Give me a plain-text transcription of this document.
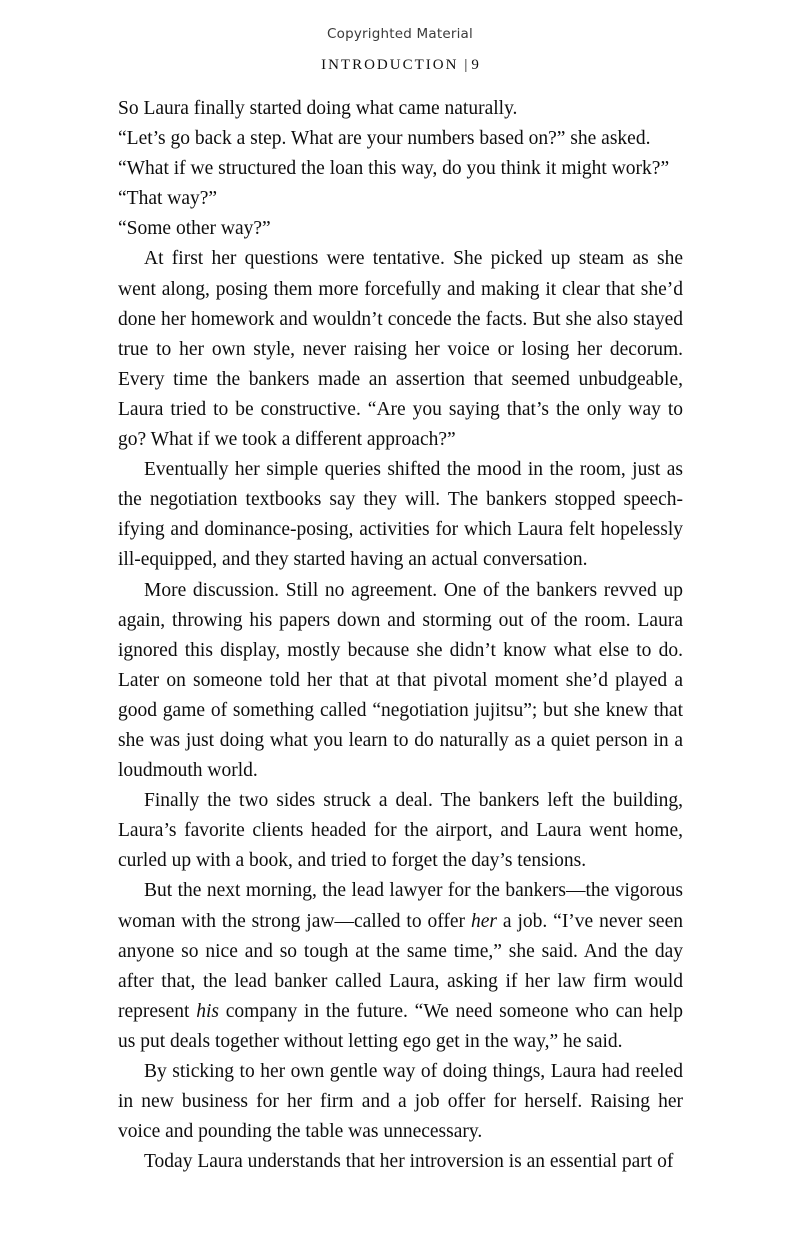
Copyrighted Material
INTRODUCTION | 9

So Laura finally started doing what came naturally.

“Let’s go back a step. What are your numbers based on?” she asked.

“What if we structured the loan this way, do you think it might work?”

“That way?”

“Some other way?”

At first her questions were tentative. She picked up steam as she went along, posing them more forcefully and making it clear that she’d done her homework and wouldn’t concede the facts. But she also stayed true to her own style, never raising her voice or losing her decorum. Every time the bankers made an assertion that seemed unbudgeable, Laura tried to be constructive. “Are you saying that’s the only way to go? What if we took a different approach?”

Eventually her simple queries shifted the mood in the room, just as the negotiation textbooks say they will. The bankers stopped speech-ifying and dominance-posing, activities for which Laura felt hopelessly ill-equipped, and they started having an actual conversation.

More discussion. Still no agreement. One of the bankers revved up again, throwing his papers down and storming out of the room. Laura ignored this display, mostly because she didn’t know what else to do. Later on someone told her that at that pivotal moment she’d played a good game of something called “negotiation jujitsu”; but she knew that she was just doing what you learn to do naturally as a quiet person in a loudmouth world.

Finally the two sides struck a deal. The bankers left the building, Laura’s favorite clients headed for the airport, and Laura went home, curled up with a book, and tried to forget the day’s tensions.

But the next morning, the lead lawyer for the bankers—the vigorous woman with the strong jaw—called to offer her a job. “I’ve never seen anyone so nice and so tough at the same time,” she said. And the day after that, the lead banker called Laura, asking if her law firm would represent his company in the future. “We need someone who can help us put deals together without letting ego get in the way,” he said.

By sticking to her own gentle way of doing things, Laura had reeled in new business for her firm and a job offer for herself. Raising her voice and pounding the table was unnecessary.

Today Laura understands that her introversion is an essential part of
